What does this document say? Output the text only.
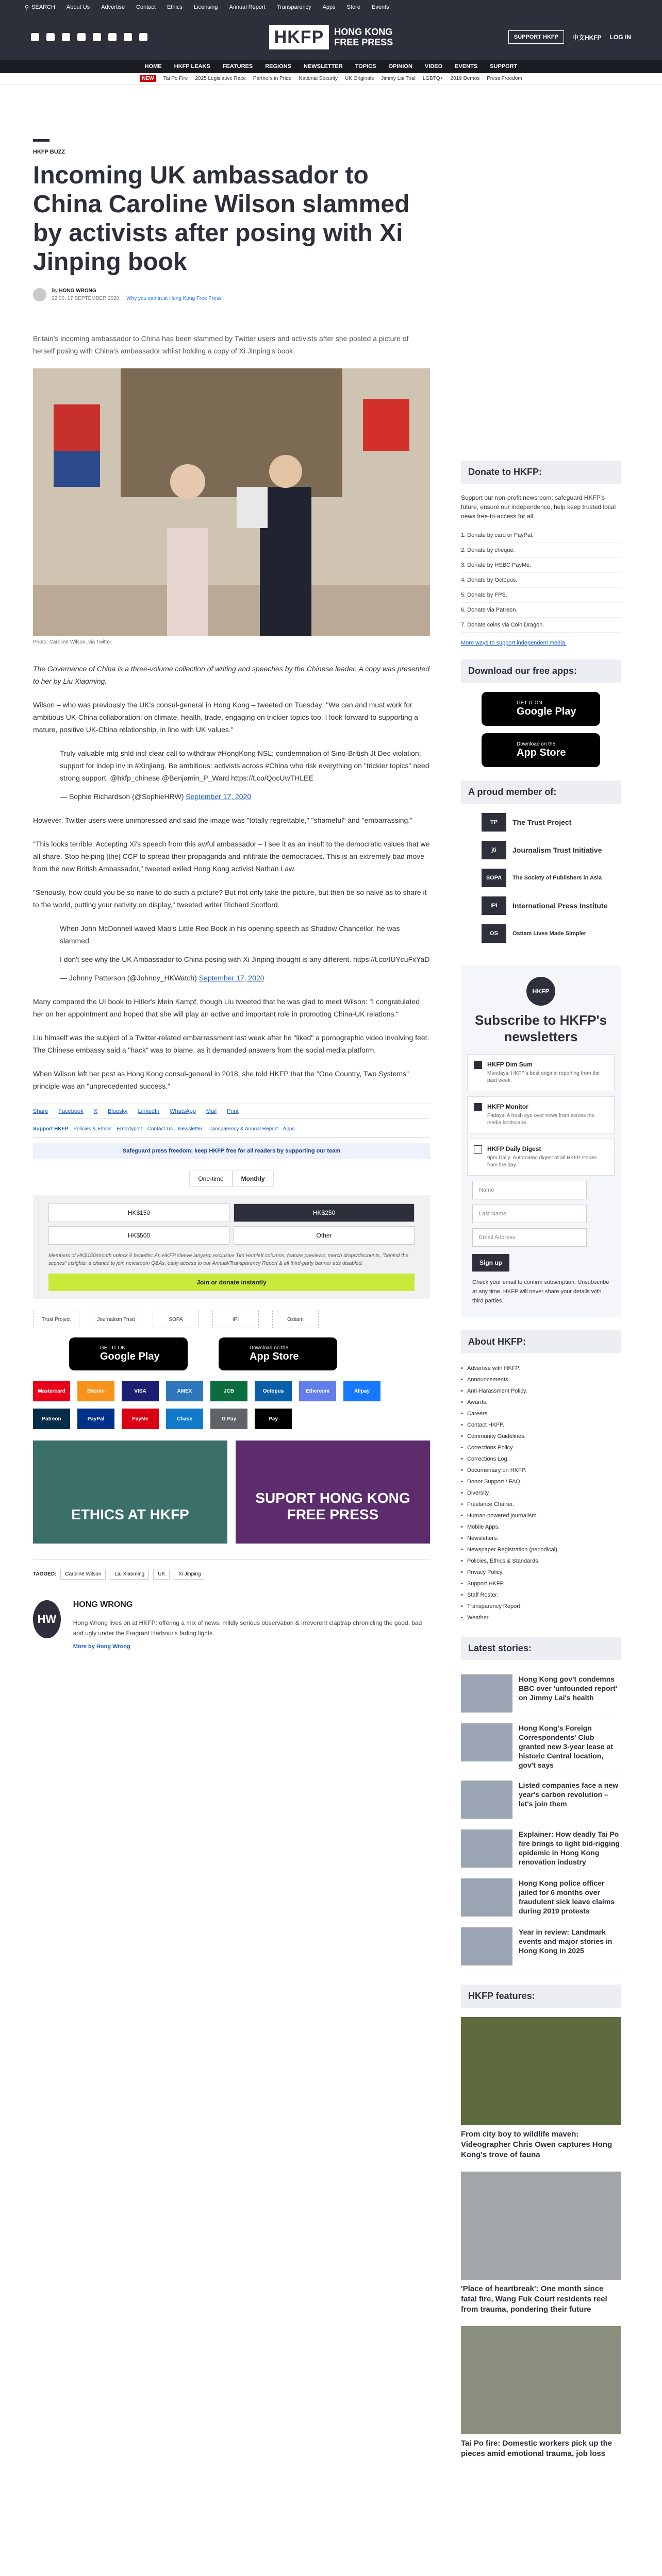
⚲ SEARCH About Us Advertise Contact Ethics Licensing Annual Report Transparency Apps Store Events
HKFP	HONG KONG
FREE PRESS	SUPPORT HKFP	中文HKFP LOG IN
HOME HKFP LEAKS FEATURES REGIONS NEWSLETTER TOPICS OPINION VIDEO EVENTS SUPPORT
NEW	Tai Po Fire 2025 Legislative Race Partners in Pride National Security UK Originals Jimmy Lai Trial LGBTQ+ 2019 Demos Press Freedom
HKFP BUZZ
Incoming UK ambassador to China Caroline Wilson slammed by activists after posing with Xi Jinping book
By HONG WRONG
22:00, 17 SEPTEMBER 2020 Why you can trust Hong Kong Free Press

Britain's incoming ambassador to China has been slammed by Twitter users and activists after she posted a picture of herself posing with China's ambassador whilst holding a copy of Xi Jinping's book.

Photo: Caroline Wilson, via Twitter.

The Governance of China is a three-volume collection of writing and speeches by the Chinese leader. A copy was presented to her by Liu Xiaoming.

Wilson – who was previously the UK's consul-general in Hong Kong – tweeted on Tuesday: "We can and must work for ambitious UK-China collaboration: on climate, health, trade, engaging on trickier topics too. I look forward to supporting a mature, positive UK-China relationship, in line with UK values."

Truly valuable mtg shld incl clear call to withdraw #HongKong NSL; condemnation of Sino-British Jt Dec violation; support for indep inv in #Xinjiang. Be ambitious: activists across #China who risk everything on "trickier topics" need strong support. @hkfp_chinese @Benjamin_P_Ward https://t.co/QocUwTHLEE
— Sophie Richardson (@SophieHRW) September 17, 2020

However, Twitter users were unimpressed and said the image was "totally regrettable," "shameful" and "embarrassing."

"This looks terrible. Accepting Xi's speech from this awful ambassador – I see it as an insult to the democratic values that we all share. Stop helping [the] CCP to spread their propaganda and infiltrate the democracies. This is an extremely bad move from the new British Ambassador," tweeted exiled Hong Kong activist Nathan Law.

"Seriously, how could you be so naive to do such a picture? But not only take the picture, but then be so naive as to share it to the world, putting your nativity on display," tweeted writer Richard Scotford.

When John McDonnell waved Mao's Little Red Book in his opening speech as Shadow Chancellor, he was slammed.
I don't see why the UK Ambassador to China posing with Xi Jinping thought is any different. https://t.co/tUYcuFxYaD
— Johnny Patterson (@Johnny_HKWatch) September 17, 2020

Many compared the UI book to Hitler's Mein Kampf, though Liu tweeted that he was glad to meet Wilson: "I congratulated her on her appointment and hoped that she will play an active and important role in promoting China-UK relations."

Liu himself was the subject of a Twitter-related embarrassment last week after he "liked" a pornographic video involving feet. The Chinese embassy said a "hack" was to blame, as it demanded answers from the social media platform.

When Wilson left her post as Hong Kong consul-general in 2018, she told HKFP that the "One Country, Two Systems" principle was an "unprecedented success."

Share Facebook X Bluesky LinkedIn WhatsApp Mail Print
Support HKFP Policies & Ethics Error/typo? Contact Us Newsletter Transparency & Annual Report Apps
Safeguard press freedom; keep HKFP free for all readers by supporting our team
One-time	Monthly
HK$150	HK$250
HK$500	Other
Members of HK$150/month unlock 6 benefits: An HKFP sleeve lanyard, exclusive Tim Hamlett columns, feature previews; merch drops/discounts, "behind the scenes" insights; a chance to join newsroom Q&As, early access to our Annual/Transparency Report & all third-party banner ads disabled.
Join or donate instantly
Trust Project	Journalism Trust	SOPA	IPI	Ostiam
GET IT ON
Google Play
Download on the
App Store
Mastercard	Bitcoin	VISA	AMEX	JCB	Octopus	Ethereum	Alipay
Patreon	PayPal	PayMe	Chase	G Pay	Pay
ETHICS AT HKFP
SUPORT HONG KONG FREE PRESS
TAGGED:	Caroline Wilson	Liu Xiaoming	UK	Xi Jinping
HW
HONG WRONG

Hong Wrong lives on at HKFP: offering a mix of news, mildly serious observation & irreverent claptrap chronicling the good, bad and ugly under the Fragrant Harbour's fading lights.

More by Hong Wrong
Donate to HKFP:

Support our non-profit newsroom: safeguard HKFP's future, ensure our independence, help keep trusted local news free-to-access for all.

1. Donate by card or PayPal.
2. Donate by cheque.
3. Donate by HSBC PayMe.
4. Donate by Octopus.
5. Donate by FPS.
6. Donate via Patreon.
7. Donate coins via Coin Dragon.
More ways to support independent media.
Download our free apps:
GET IT ON
Google Play
Download on the
App Store
A proud member of:
TP	The Trust Project
jti	Journalism Trust Initiative
SOPA	The Society of Publishers in Asia
IPI	International Press Institute
OS	Ostiam Lives Made Simpler
HKFP
Subscribe to HKFP's newsletters
HKFP Dim Sum
Mondays: HKFP's best original reporting from the past week.
HKFP Monitor
Fridays: A fresh eye over news from across the media landscape.
HKFP Daily Digest
9pm Daily: Automated digest of all HKFP stories from the day.
Name
Last Name
Email Address
Sign up

Check your email to confirm subscription. Unsubscribe at any time. HKFP will never share your details with third parties.

About HKFP:
• Advertise with HKFP.
• Announcements.
• Anti-Harassment Policy.
• Awards.
• Careers.
• Contact HKFP.
• Community Guidelines.
• Corrections Policy.
• Corrections Log.
• Documentary on HKFP.
• Donor Support / FAQ.
• Diversity.
• Freelance Charter.
• Human-powered journalism.
• Mobile Apps.
• Newsletters.
• Newspaper Registration (periodical).
• Policies, Ethics & Standards.
• Privacy Policy.
• Support HKFP.
• Staff Roster.
• Transparency Report.
• Weather.
Latest stories:

Hong Kong gov't condemns BBC over 'unfounded report' on Jimmy Lai's health

Hong Kong's Foreign Correspondents' Club granted new 3-year lease at historic Central location, gov't says

Listed companies face a new year's carbon revolution – let's join them

Explainer: How deadly Tai Po fire brings to light bid-rigging epidemic in Hong Kong renovation industry

Hong Kong police officer jailed for 6 months over fraudulent sick leave claims during 2019 protests

Year in review: Landmark events and major stories in Hong Kong in 2025

HKFP features:

From city boy to wildlife maven: Videographer Chris Owen captures Hong Kong's trove of fauna

'Place of heartbreak': One month since fatal fire, Wang Fuk Court residents reel from trauma, pondering their future

Tai Po fire: Domestic workers pick up the pieces amid emotional trauma, job loss
